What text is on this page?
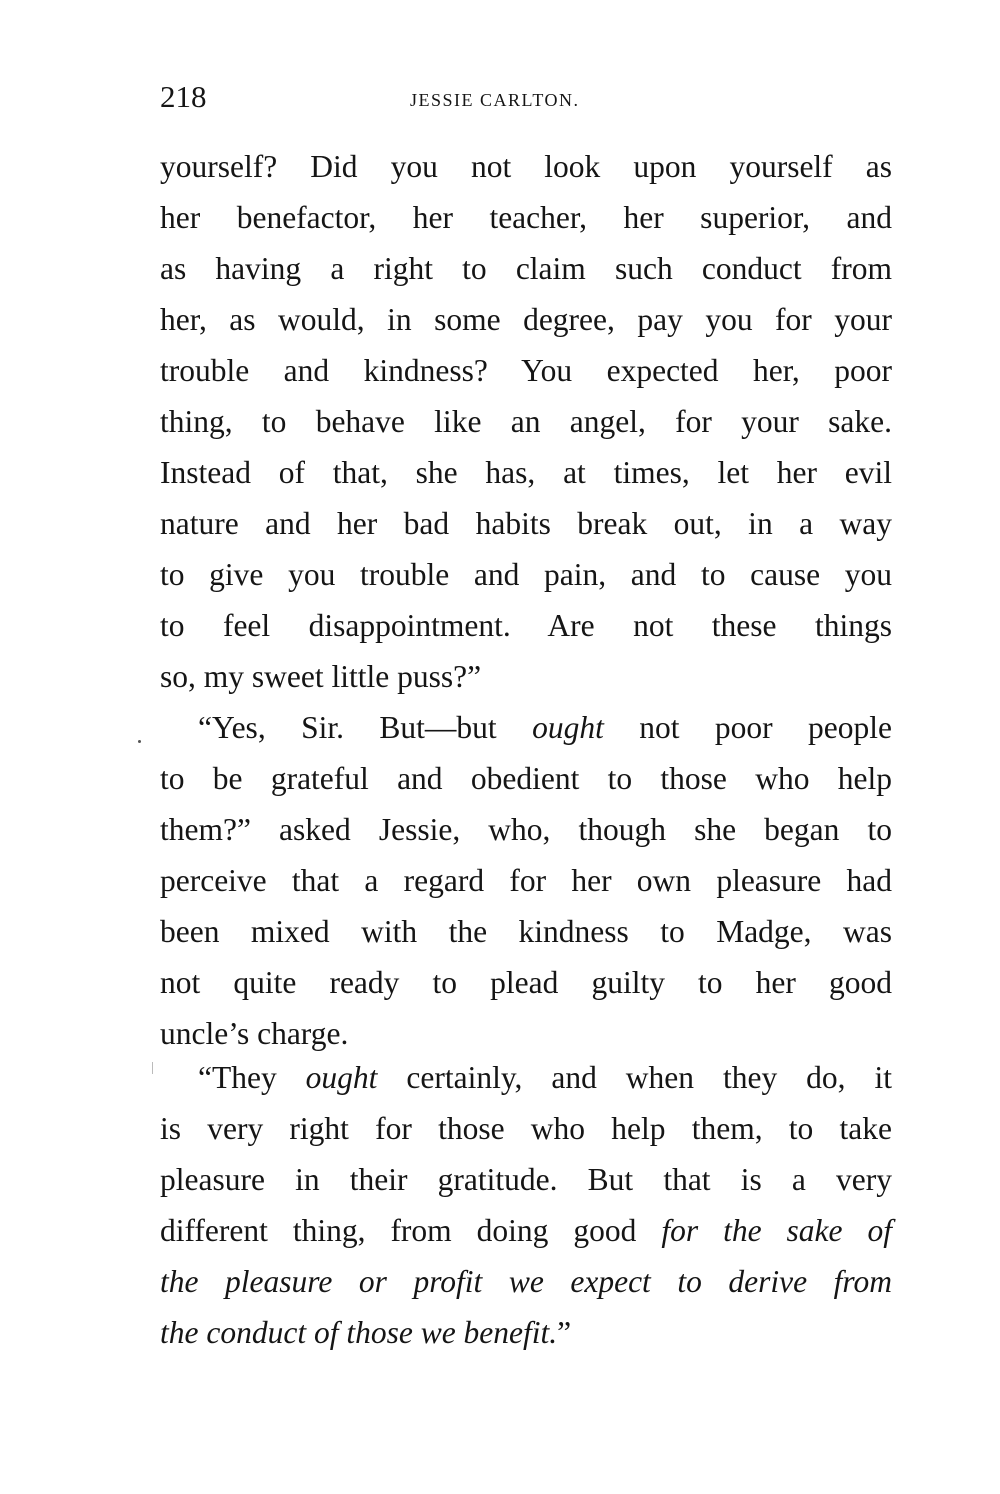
218	JESSIE CARLTON.
yourself? Did you not look upon yourself as
her benefactor, her teacher, her superior, and
as having a right to claim such conduct from
her, as would, in some degree, pay you for your
trouble and kindness? You expected her, poor
thing, to behave like an angel, for your sake.
Instead of that, she has, at times, let her evil
nature and her bad habits break out, in a way
to give you trouble and pain, and to cause you
to feel disappointment. Are not these things
so, my sweet little puss?”
“Yes, Sir. But—but ought not poor people
to be grateful and obedient to those who help
them?” asked Jessie, who, though she began to
perceive that a regard for her own pleasure had
been mixed with the kindness to Madge, was
not quite ready to plead guilty to her good
uncle’s charge.
“They ought certainly, and when they do, it
is very right for those who help them, to take
pleasure in their gratitude. But that is a very
different thing, from doing good for the sake of
the pleasure or profit we expect to derive from
the conduct of those we benefit.”
